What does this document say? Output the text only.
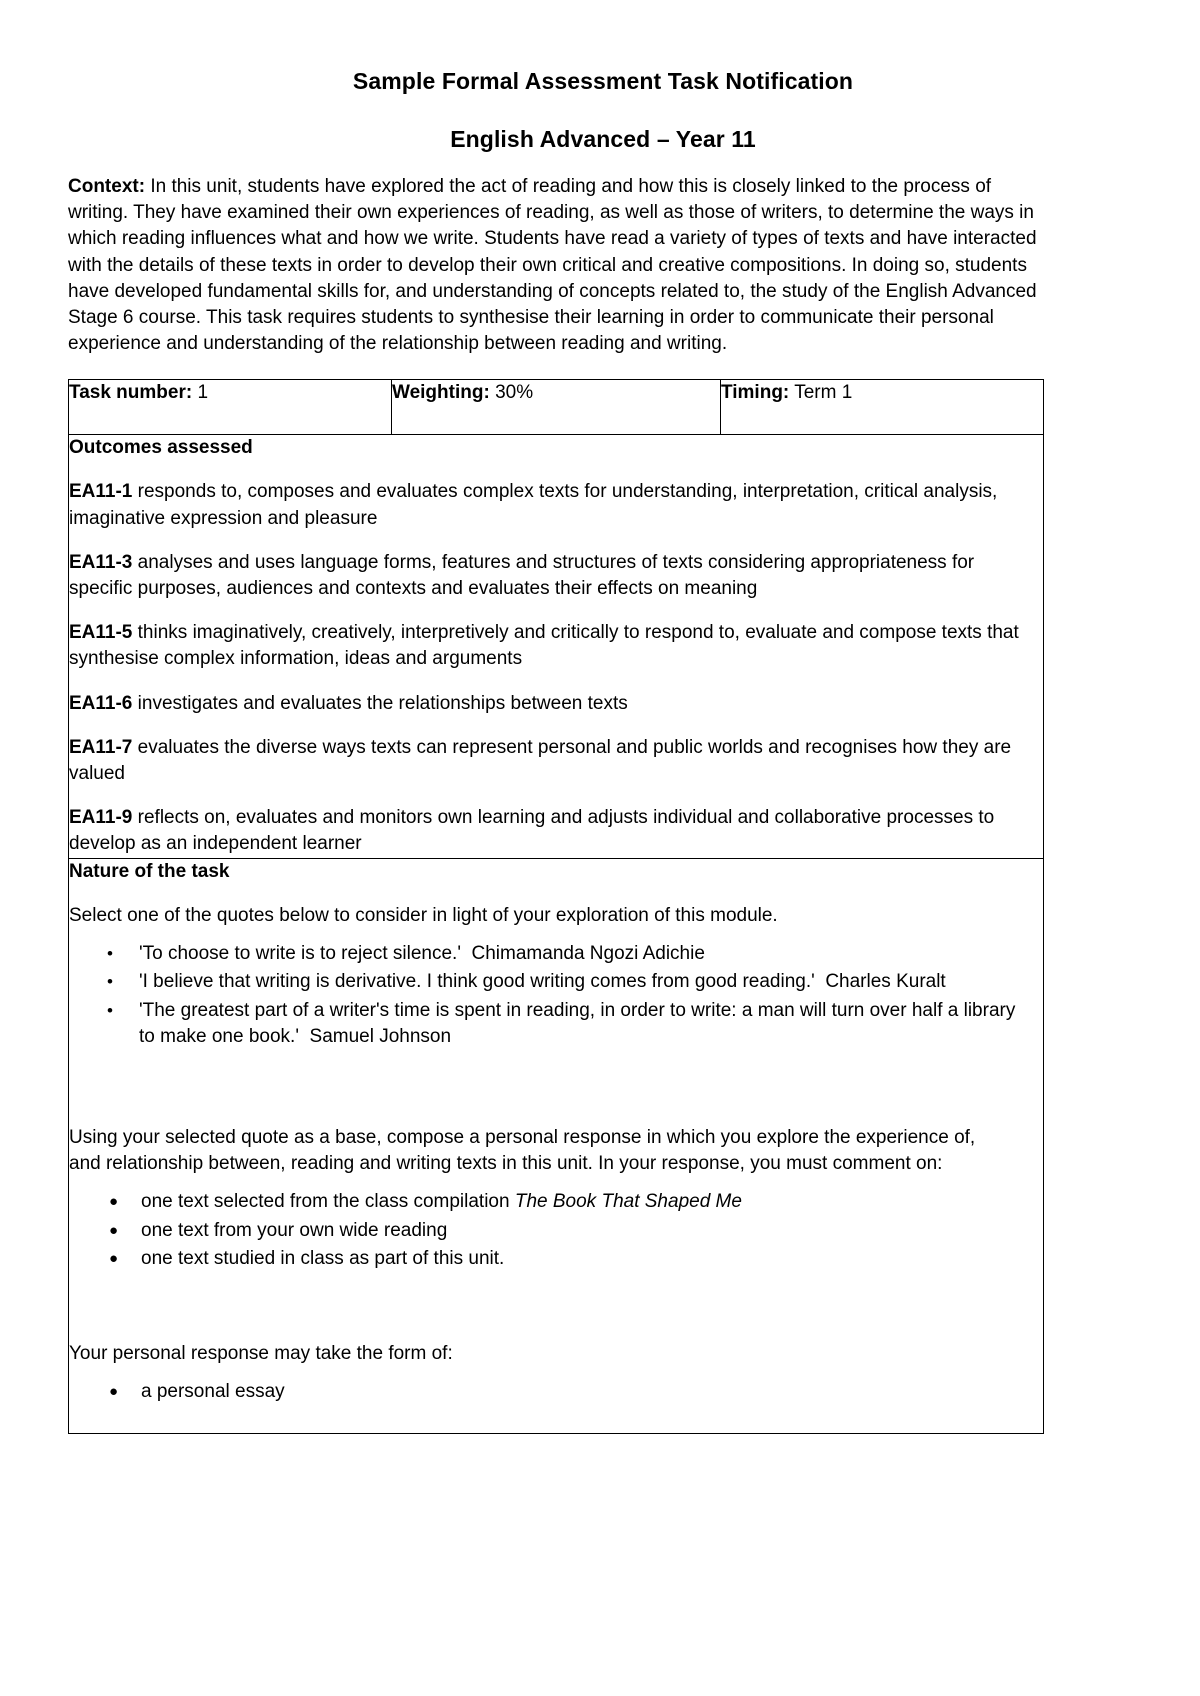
Sample Formal Assessment Task Notification
English Advanced – Year 11

Context: In this unit, students have explored the act of reading and how this is closely linked to the process of writing. They have examined their own experiences of reading, as well as those of writers, to determine the ways in which reading influences what and how we write. Students have read a variety of types of texts and have interacted with the details of these texts in order to develop their own critical and creative compositions. In doing so, students have developed fundamental skills for, and understanding of concepts related to, the study of the English Advanced Stage 6 course. This task requires students to synthesise their learning in order to communicate their personal experience and understanding of the relationship between reading and writing.

Task number: 1	Weighting: 30%	Timing: Term 1

Outcomes assessed

EA11-1 responds to, composes and evaluates complex texts for understanding, interpretation, critical analysis, imaginative expression and pleasure

EA11-3 analyses and uses language forms, features and structures of texts considering appropriateness for specific purposes, audiences and contexts and evaluates their effects on meaning

EA11-5 thinks imaginatively, creatively, interpretively and critically to respond to, evaluate and compose texts that synthesise complex information, ideas and arguments

EA11-6 investigates and evaluates the relationships between texts

EA11-7 evaluates the diverse ways texts can represent personal and public worlds and recognises how they are valued

EA11-9 reflects on, evaluates and monitors own learning and adjusts individual and collaborative processes to develop as an independent learner

Nature of the task

Select one of the quotes below to consider in light of your exploration of this module.

• 'To choose to write is to reject silence.' Chimamanda Ngozi Adichie
• 'I believe that writing is derivative. I think good writing comes from good reading.' Charles Kuralt
• 'The greatest part of a writer's time is spent in reading, in order to write: a man will turn over half a library to make one book.' Samuel Johnson

Using your selected quote as a base, compose a personal response in which you explore the experience of, and relationship between, reading and writing texts in this unit. In your response, you must comment on:

● one text selected from the class compilation The Book That Shaped Me
● one text from your own wide reading
● one text studied in class as part of this unit.

Your personal response may take the form of:

● a personal essay
